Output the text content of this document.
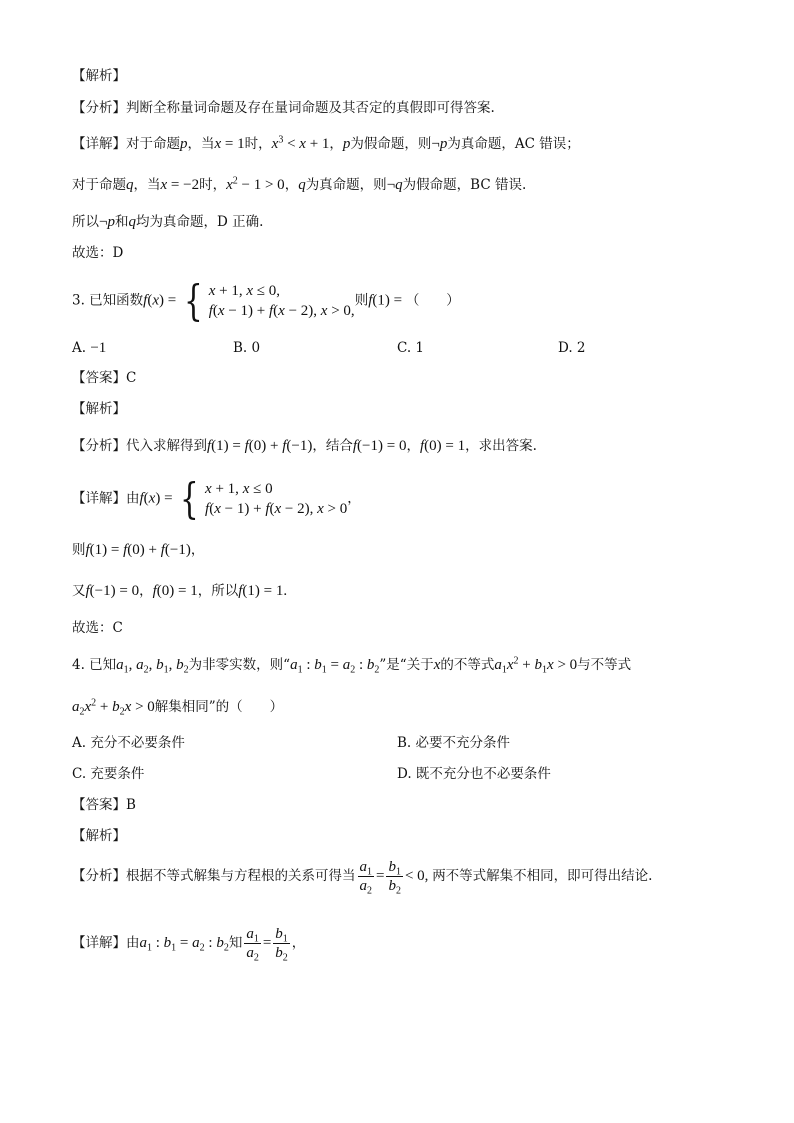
【解析】
【分析】判断全称量词命题及存在量词命题及其否定的真假即可得答案.
【详解】对于命题p，当x = 1时，$x^3 < x + 1$，p为假命题，则¬p为真命题，AC 错误；
对于命题q，当x = −2时，$x^2 - 1 > 0$，q为真命题，则¬q为假命题，BC 错误.
所以¬p和q均为真命题，D 正确.
故选：D
3. 已知函数f(x) = { x + 1, x ≤ 0,
f(x − 1) + f(x − 2), x > 0,
则f(1) = （　　）
A. −1	B. 0	C. 1	D. 2
【答案】C
【解析】
【分析】代入求解得到f(1) = f(0) + f(−1)，结合f(−1) = 0，f(0) = 1，求出答案.
【详解】由f(x) = { x + 1, x ≤ 0
f(x − 1) + f(x − 2), x > 0
，
则f(1) = f(0) + f(−1)，
又f(−1) = 0，f(0) = 1，所以f(1) = 1.
故选：C
4. 已知$a_1$, $a_2$, $b_1$, $b_2$为非零实数，则“$a_1$ : $b_1 = a_2$ : $b_2$”是“关于x的不等式$a_1x^2 + b_1x > 0$与不等式
$a_2x^2 + b_2x > 0$解集相同”的（　　）
A. 充分不必要条件	B. 必要不充分条件
C. 充要条件	D. 既不充分也不必要条件
【答案】B
【解析】
【分析】根据不等式解集与方程根的关系可得当 $\frac{a_1}{a_2} = \frac{b_1}{b_2} < 0$, 两不等式解集不相同，即可得出结论.
【详解】由$a_1$ : $b_1 = a_2$ : $b_2$知 $\frac{a_1}{a_2} = \frac{b_1}{b_2}$ ，
